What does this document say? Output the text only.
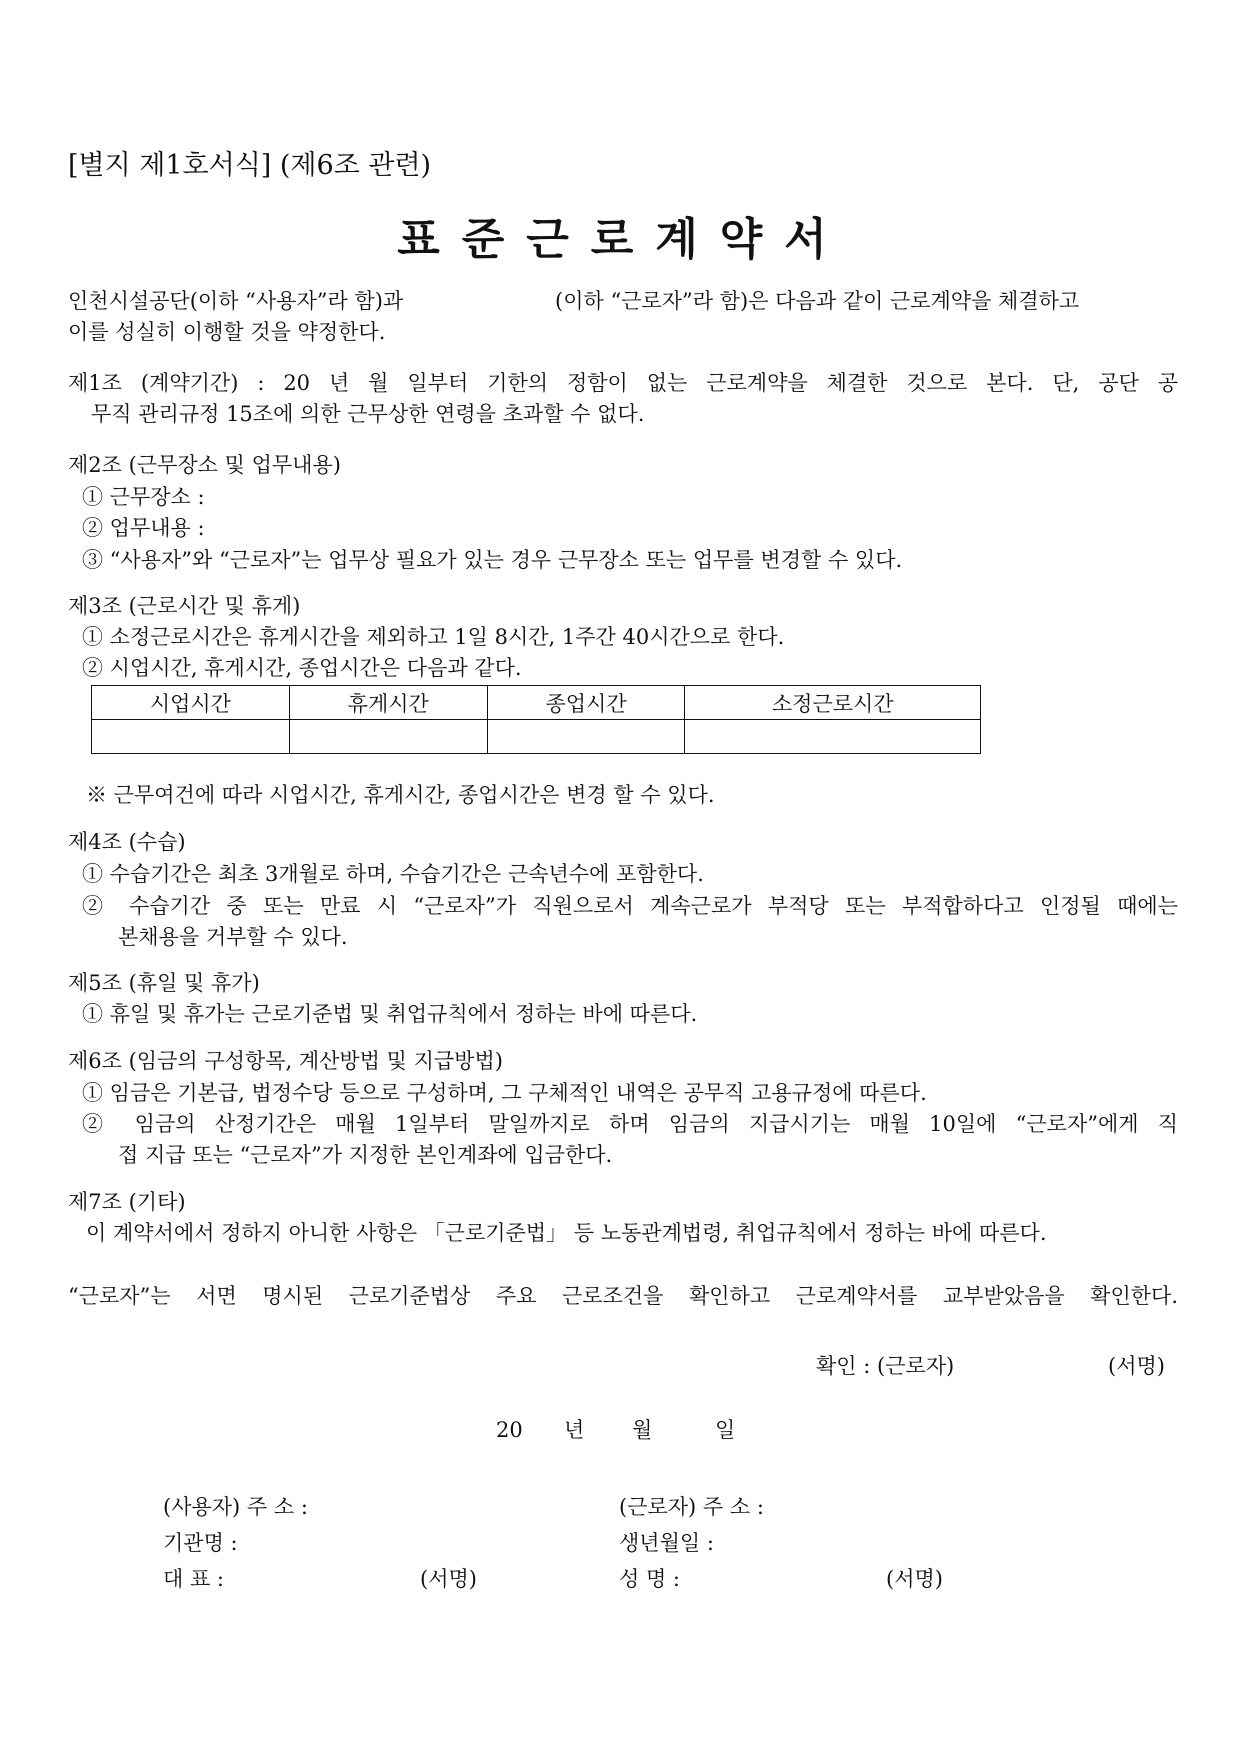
[별지 제1호서식] (제6조 관련)
표준근로계약서
인천시설공단(이하 “사용자”라 함)과	(이하 “근로자”라 함)은 다음과 같이 근로계약을 체결하고
이를 성실히 이행할 것을 약정한다.
제1조 (계약기간) : 20 년 월 일부터 기한의 정함이 없는 근로계약을 체결한 것으로 본다. 단, 공단 공
무직 관리규정 15조에 의한 근무상한 연령을 초과할 수 없다.
제2조 (근무장소 및 업무내용)
① 근무장소 :
② 업무내용 :
③ “사용자”와 “근로자”는 업무상 필요가 있는 경우 근무장소 또는 업무를 변경할 수 있다.
제3조 (근로시간 및 휴게)
① 소정근로시간은 휴게시간을 제외하고 1일 8시간, 1주간 40시간으로 한다.
② 시업시간, 휴게시간, 종업시간은 다음과 같다.
시업시간	휴게시간	종업시간	소정근로시간

※ 근무여건에 따라 시업시간, 휴게시간, 종업시간은 변경 할 수 있다.
제4조 (수습)
① 수습기간은 최초 3개월로 하며, 수습기간은 근속년수에 포함한다.
② 수습기간 중 또는 만료 시 “근로자”가 직원으로서 계속근로가 부적당 또는 부적합하다고 인정될 때에는
본채용을 거부할 수 있다.
제5조 (휴일 및 휴가)
① 휴일 및 휴가는 근로기준법 및 취업규칙에서 정하는 바에 따른다.
제6조 (임금의 구성항목, 계산방법 및 지급방법)
① 임금은 기본급, 법정수당 등으로 구성하며, 그 구체적인 내역은 공무직 고용규정에 따른다.
② 임금의 산정기간은 매월 1일부터 말일까지로 하며 임금의 지급시기는 매월 10일에 “근로자”에게 직
접 지급 또는 “근로자”가 지정한 본인계좌에 입금한다.
제7조 (기타)
이 계약서에서 정하지 아니한 사항은 「근로기준법」 등 노동관계법령, 취업규칙에서 정하는 바에 따른다.
“근로자”는 서면 명시된 근로기준법상 주요 근로조건을 확인하고 근로계약서를 교부받았음을 확인한다.
확인 : (근로자)	(서명)
20 년 월	일
(사용자) 주 소 :
기관명 :
대 표 :	(서명)
(근로자) 주 소 :
생년월일 :
성 명 :	(서명)
